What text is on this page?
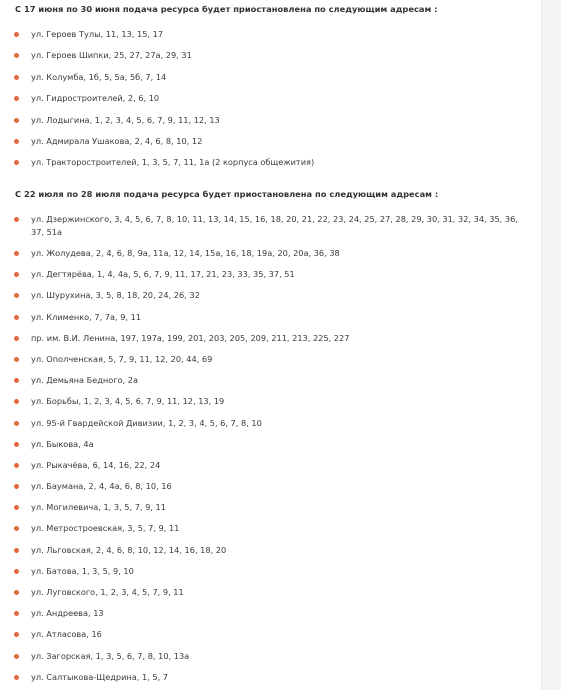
С 17 июня по 30 июня подача ресурса будет приостановлена по следующим адресам :
ул. Героев Тулы, 11, 13, 15, 17
ул. Героев Шипки, 25, 27, 27а, 29, 31
ул. Колумба, 1б, 5, 5а, 5б, 7, 14
ул. Гидростроителей, 2, 6, 10
ул. Лодыгина, 1, 2, 3, 4, 5, 6, 7, 9, 11, 12, 13
ул. Адмирала Ушакова, 2, 4, 6, 8, 10, 12
ул. Тракторостроителей, 1, 3, 5, 7, 11, 1а (2 корпуса общежития)
С 22 июля по 28 июля подача ресурса будет приостановлена по следующим адресам :
ул. Дзержинского, 3, 4, 5, 6, 7, 8, 10, 11, 13, 14, 15, 16, 18, 20, 21, 22, 23, 24, 25, 27, 28, 29, 30, 31, 32, 34, 35, 36, 37, 51а
ул. Жолудева, 2, 4, 6, 8, 9а, 11а, 12, 14, 15а, 16, 18, 19а, 20, 20а, 36, 38
ул. Дегтярёва, 1, 4, 4а, 5, 6, 7, 9, 11, 17, 21, 23, 33, 35, 37, 51
ул. Шурухина, 3, 5, 8, 18, 20, 24, 26, 32
ул. Клименко, 7, 7а, 9, 11
пр. им. В.И. Ленина, 197, 197а, 199, 201, 203, 205, 209, 211, 213, 225, 227
ул. Ополченская, 5, 7, 9, 11, 12, 20, 44, 69
ул. Демьяна Бедного, 2а
ул. Борьбы, 1, 2, 3, 4, 5, 6, 7, 9, 11, 12, 13, 19
ул. 95-й Гвардейской Дивизии, 1, 2, 3, 4, 5, 6, 7, 8, 10
ул. Быкова, 4а
ул. Рыкачёва, 6, 14, 16, 22, 24
ул. Баумана, 2, 4, 4а, 6, 8, 10, 16
ул. Могилевича, 1, 3, 5, 7, 9, 11
ул. Метростроевская, 3, 5, 7, 9, 11
ул. Льговская, 2, 4, 6, 8, 10, 12, 14, 16, 18, 20
ул. Батова, 1, 3, 5, 9, 10
ул. Луговского, 1, 2, 3, 4, 5, 7, 9, 11
ул. Андреева, 13
ул. Атласова, 16
ул. Загорская, 1, 3, 5, 6, 7, 8, 10, 13а
ул. Салтыкова-Щедрина, 1, 5, 7
